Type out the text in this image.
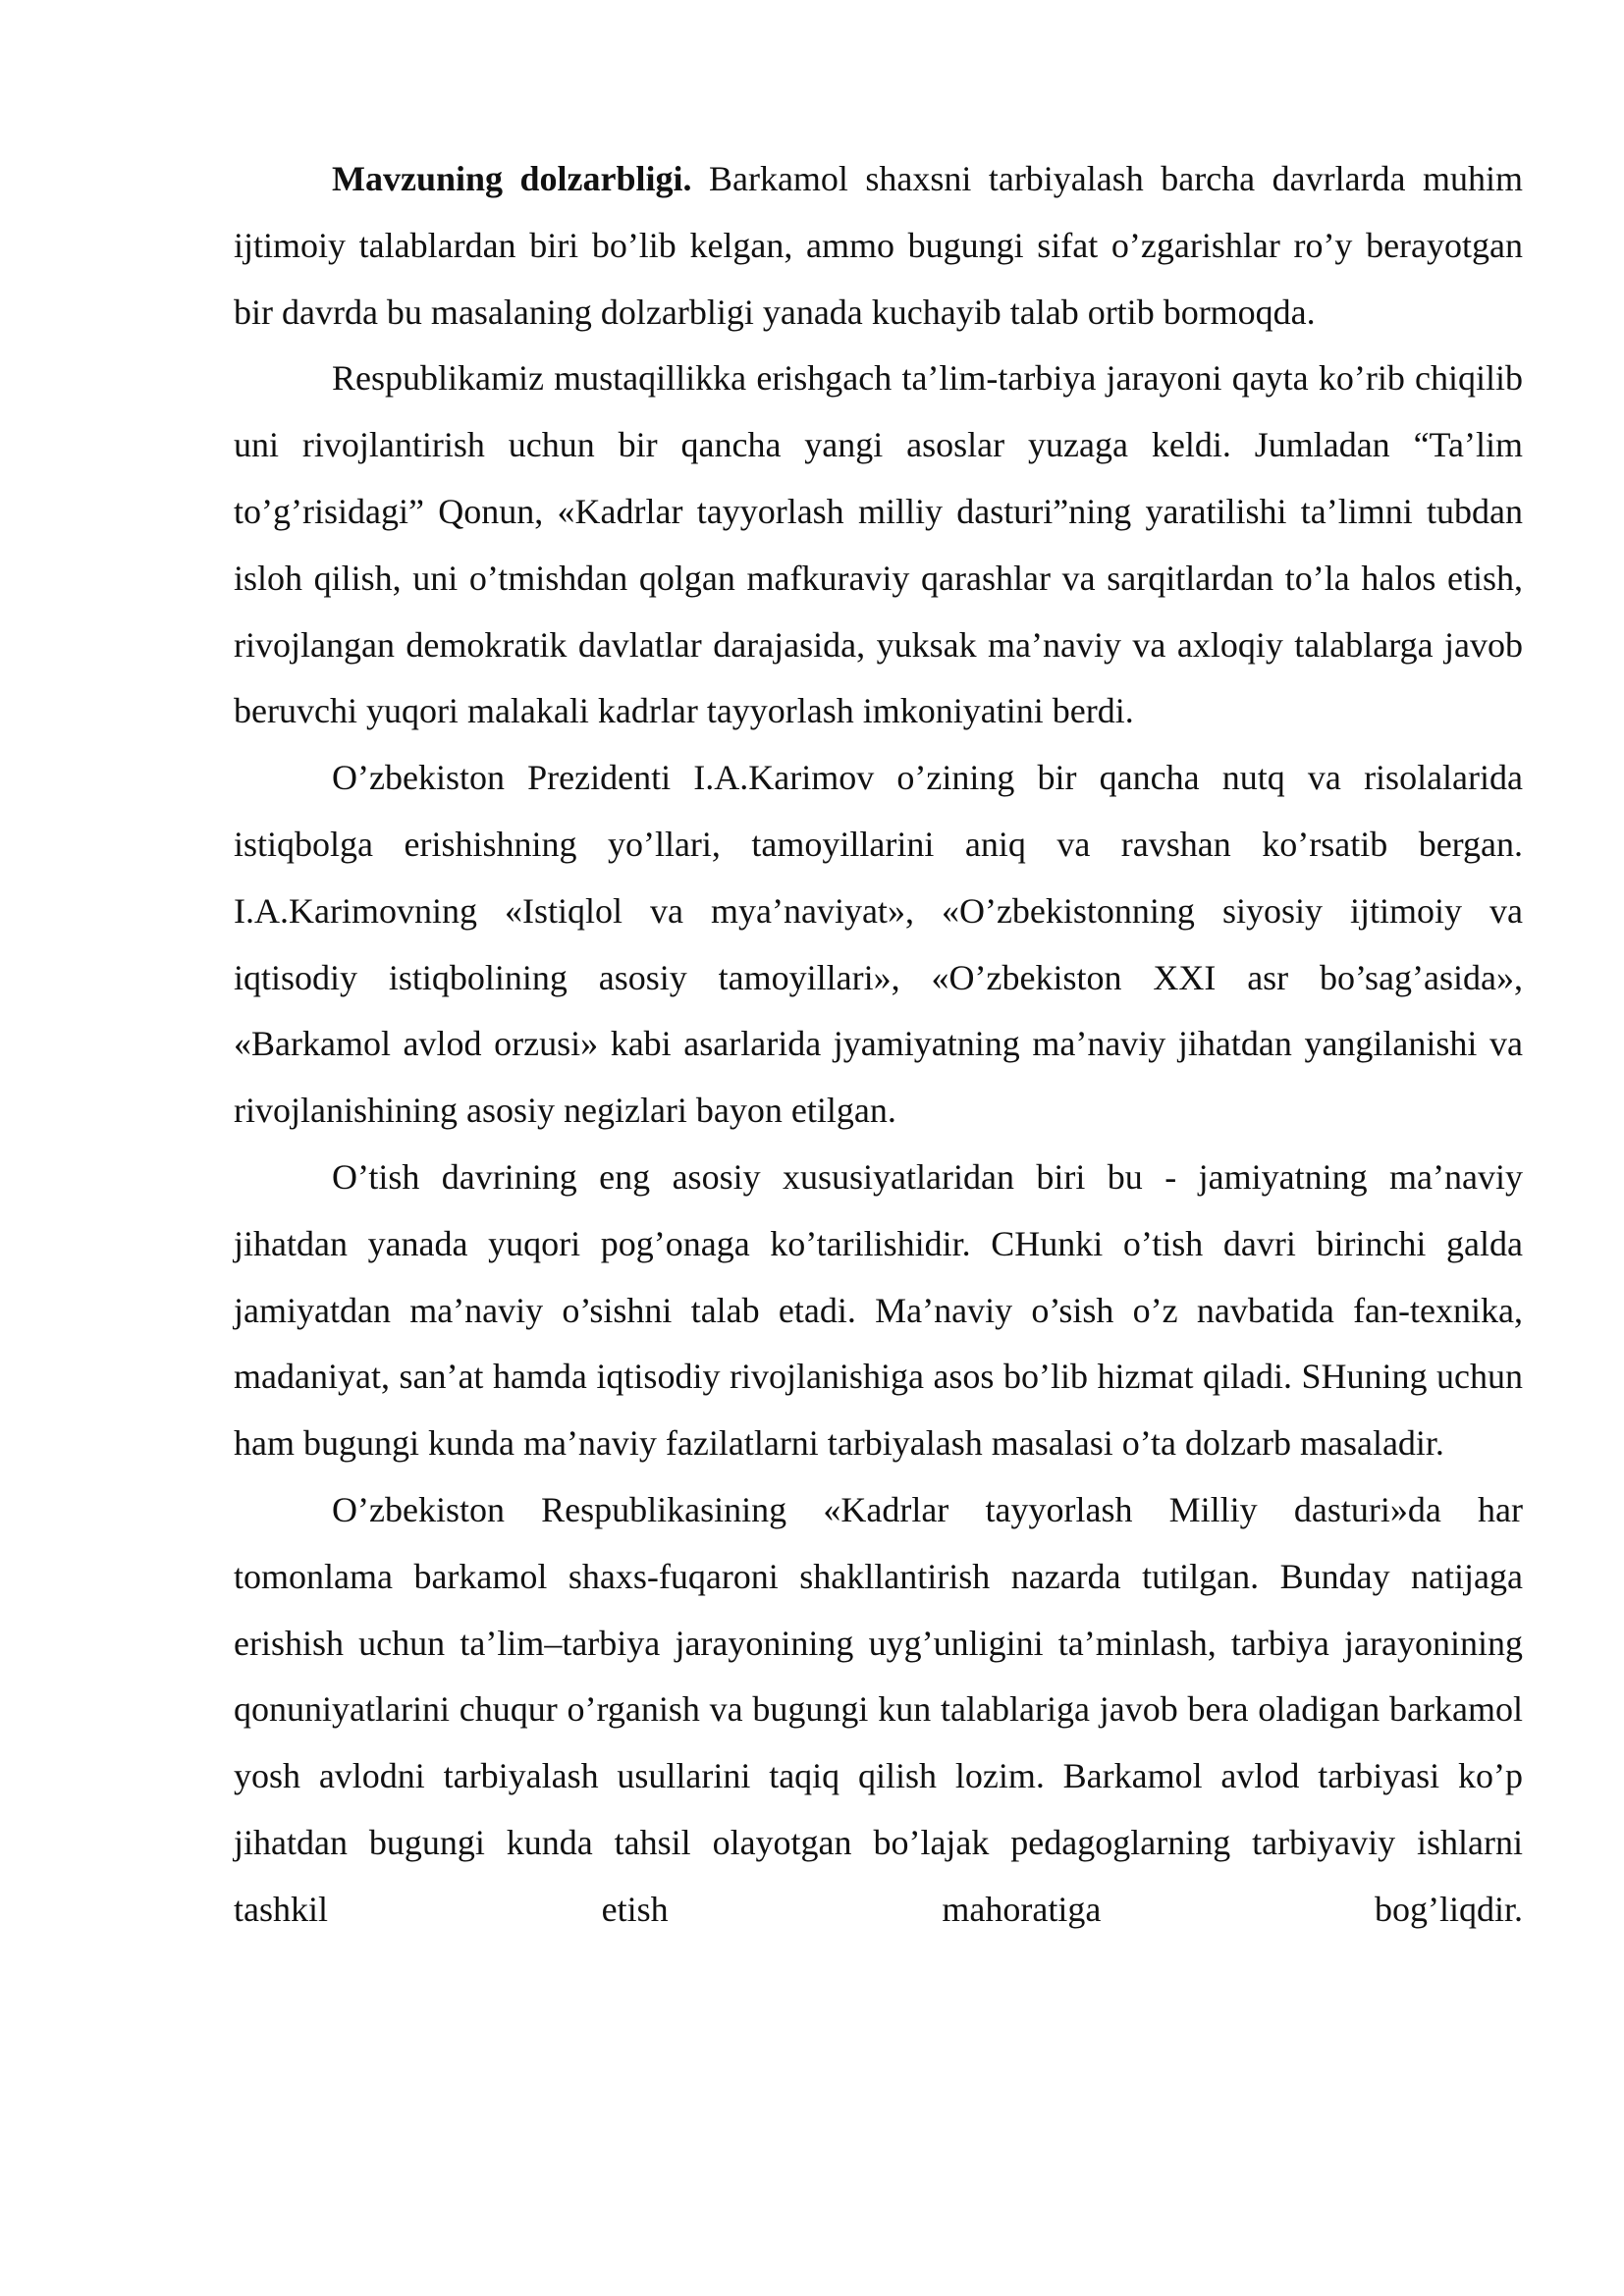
Mavzuning dolzarbligi. Barkamol shaxsni tarbiyalash barcha davrlarda muhim ijtimoiy talablardan biri bo’lib kelgan, ammo bugungi sifat o’zgarishlar ro’y berayotgan bir davrda bu masalaning dolzarbligi yanada kuchayib talab ortib bormoqda.

Respublikamiz mustaqillikka erishgach ta’lim-tarbiya jarayoni qayta ko’rib chiqilib uni rivojlantirish uchun bir qancha yangi asoslar yuzaga keldi. Jumladan “Ta’lim to’g’risidagi” Qonun, «Kadrlar tayyorlash milliy dasturi”ning yaratilishi ta’limni tubdan isloh qilish, uni o’tmishdan qolgan mafkuraviy qarashlar va sarqitlardan to’la halos etish, rivojlangan demokratik davlatlar darajasida, yuksak ma’naviy va axloqiy talablarga javob beruvchi yuqori malakali kadrlar tayyorlash imkoniyatini berdi.

O’zbekiston Prezidenti I.A.Karimov o’zining bir qancha nutq va risolalarida istiqbolga erishishning yo’llari, tamoyillarini aniq va ravshan ko’rsatib bergan. I.A.Karimovning «Istiqlol va mya’naviyat», «O’zbekistonning siyosiy ijtimoiy va iqtisodiy istiqbolining asosiy tamoyillari», «O’zbekiston XXI asr bo’sag’asida», «Barkamol avlod orzusi» kabi asarlarida jyamiyatning ma’naviy jihatdan yangilanishi va rivojlanishining asosiy negizlari bayon etilgan.

O’tish davrining eng asosiy xususiyatlaridan biri bu - jamiyatning ma’naviy jihatdan yanada yuqori pog’onaga ko’tarilishidir. CHunki o’tish davri birinchi galda jamiyatdan ma’naviy o’sishni talab etadi. Ma’naviy o’sish o’z navbatida fan-texnika, madaniyat, san’at hamda iqtisodiy rivojlanishiga asos bo’lib hizmat qiladi. SHuning uchun ham bugungi kunda ma’naviy fazilatlarni tarbiyalash masalasi o’ta dolzarb masaladir.

O’zbekiston Respublikasining «Kadrlar tayyorlash Milliy dasturi»da har tomonlama barkamol shaxs-fuqaroni shakllantirish nazarda tutilgan. Bunday natijaga erishish uchun ta’lim–tarbiya jarayonining uyg’unligini ta’minlash, tarbiya jarayonining qonuniyatlarini chuqur o’rganish va bugungi kun talablariga javob bera oladigan barkamol yosh avlodni tarbiyalash usullarini taqiq qilish lozim. Barkamol avlod tarbiyasi ko’p jihatdan bugungi kunda tahsil olayotgan bo’lajak pedagoglarning tarbiyaviy ishlarni tashkil etish mahoratiga bog’liqdir.
